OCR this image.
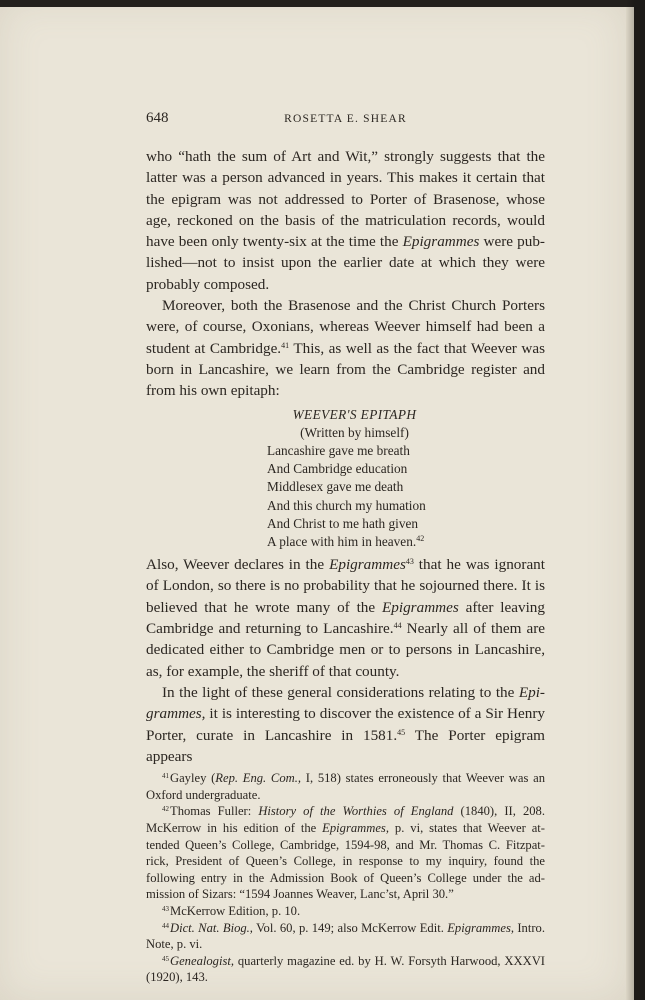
648	ROSETTA E. SHEAR

who “hath the sum of Art and Wit,” strongly suggests that the latter was a person advanced in years. This makes it certain that the epigram was not addressed to Porter of Brasenose, whose age, reckoned on the basis of the matriculation records, would have been only twenty-six at the time the Epigrammes were pub-lished—not to insist upon the earlier date at which they were probably composed.

Moreover, both the Brasenose and the Christ Church Porters were, of course, Oxonians, whereas Weever himself had been a student at Cambridge.$^{41}$ This, as well as the fact that Weever was born in Lancashire, we learn from the Cambridge register and from his own epitaph:

WEEVER'S EPITAPH
(Written by himself)
Lancashire gave me breath
And Cambridge education
Middlesex gave me death
And this church my humation
And Christ to me hath given
A place with him in heaven.$^{42}$

Also, Weever declares in the Epigrammes$^{43}$ that he was ignorant of London, so there is no probability that he sojourned there. It is believed that he wrote many of the Epigrammes after leaving Cambridge and returning to Lancashire.$^{44}$ Nearly all of them are dedicated either to Cambridge men or to persons in Lancashire, as, for example, the sheriff of that county.

In the light of these general considerations relating to the Epi-grammes, it is interesting to discover the existence of a Sir Henry Porter, curate in Lancashire in 1581.45 The Porter epigram appears

$^{41}$Gayley (Rep. Eng. Com., I, 518) states erroneously that Weever was an Oxford undergraduate.

$^{42}$Thomas Fuller: History of the Worthies of England (1840), II, 208. McKerrow in his edition of the Epigrammes, p. vi, states that Weever at-tended Queen’s College, Cambridge, 1594-98, and Mr. Thomas C. Fitzpat-rick, President of Queen’s College, in response to my inquiry, found the following entry in the Admission Book of Queen’s College under the ad-mission of Sizars: “1594 Joannes Weaver, Lanc’st, April 30.”

$^{43}$McKerrow Edition, p. 10.

$^{44}$Dict. Nat. Biog., Vol. 60, p. 149; also McKerrow Edit. Epigrammes, Intro. Note, p. vi.

$^{45}$Genealogist, quarterly magazine ed. by H. W. Forsyth Harwood, XXXVI (1920), 143.
